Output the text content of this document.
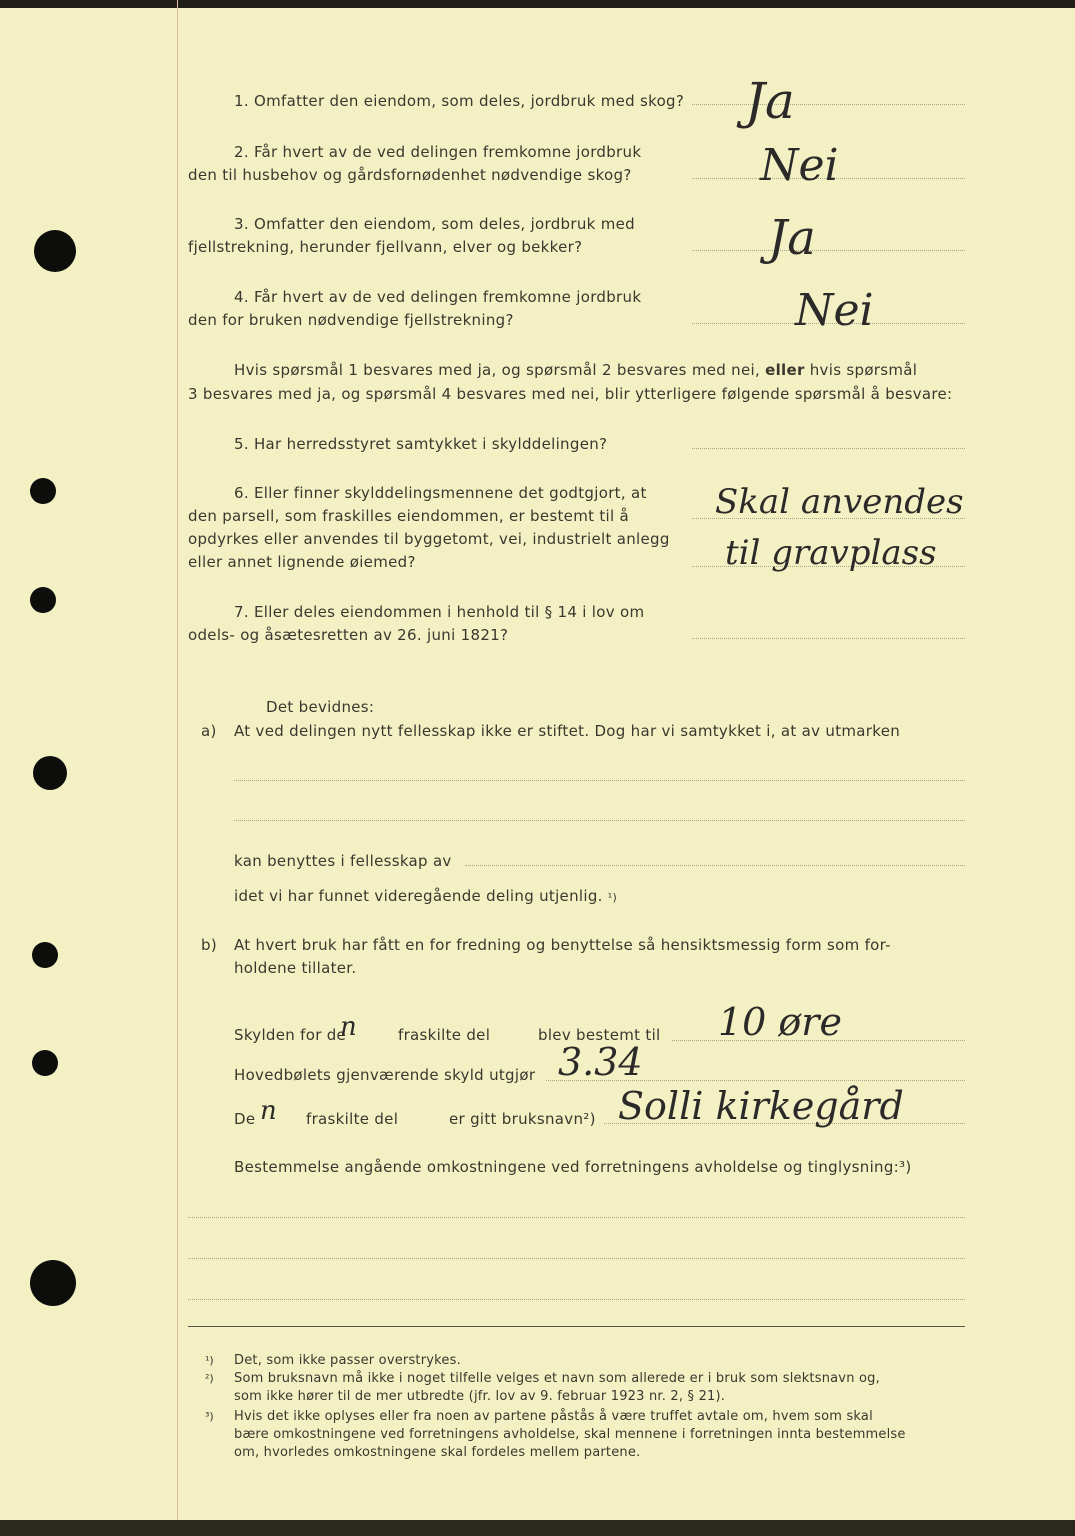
1. Omfatter den eiendom, som deles, jordbruk med skog? Ja
2. Får hvert av de ved delingen fremkomne jordbruk
den til husbehov og gårdsfornødenhet nødvendige skog?	Nei
3. Omfatter den eiendom, som deles, jordbruk med
fjellstrekning, herunder fjellvann, elver og bekker?	Ja
4. Får hvert av de ved delingen fremkomne jordbruk
den for bruken nødvendige fjellstrekning?	Nei
Hvis spørsmål 1 besvares med ja, og spørsmål 2 besvares med nei, eller hvis spørsmål
3 besvares med ja, og spørsmål 4 besvares med nei, blir ytterligere følgende spørsmål å besvare:
5. Har herredsstyret samtykket i skylddelingen?
6. Eller finner skylddelingsmennene det godtgjort, at
den parsell, som fraskilles eiendommen, er bestemt til å
opdyrkes eller anvendes til byggetomt, vei, industrielt anlegg
eller annet lignende øiemed?
Skal anvendes
til gravplass
7. Eller deles eiendommen i henhold til § 14 i lov om
odels- og åsætesretten av 26. juni 1821?
Det bevidnes:
a) At ved delingen nytt fellesskap ikke er stiftet. Dog har vi samtykket i, at av utmarken
kan benyttes i fellesskap av
idet vi har funnet videregående deling utjenlig. ¹)
b) At hvert bruk har fått en for fredning og benyttelse så hensiktsmessig form som for-
holdene tillater.
Skylden for de
n	fraskilte del	blev bestemt til 10 øre
Hovedbølets gjenværende skyld utgjør 3.34
De n fraskilte del	er gitt bruksnavn²) Solli kirkegård
Bestemmelse angående omkostningene ved forretningens avholdelse og tinglysning:³)
¹) Det, som ikke passer overstrykes.
²) Som bruksnavn må ikke i noget tilfelle velges et navn som allerede er i bruk som slektsnavn og,
som ikke hører til de mer utbredte (jfr. lov av 9. februar 1923 nr. 2, § 21).
³) Hvis det ikke oplyses eller fra noen av partene påstås å være truffet avtale om, hvem som skal
bære omkostningene ved forretningens avholdelse, skal mennene i forretningen innta bestemmelse
om, hvorledes omkostningene skal fordeles mellem partene.
